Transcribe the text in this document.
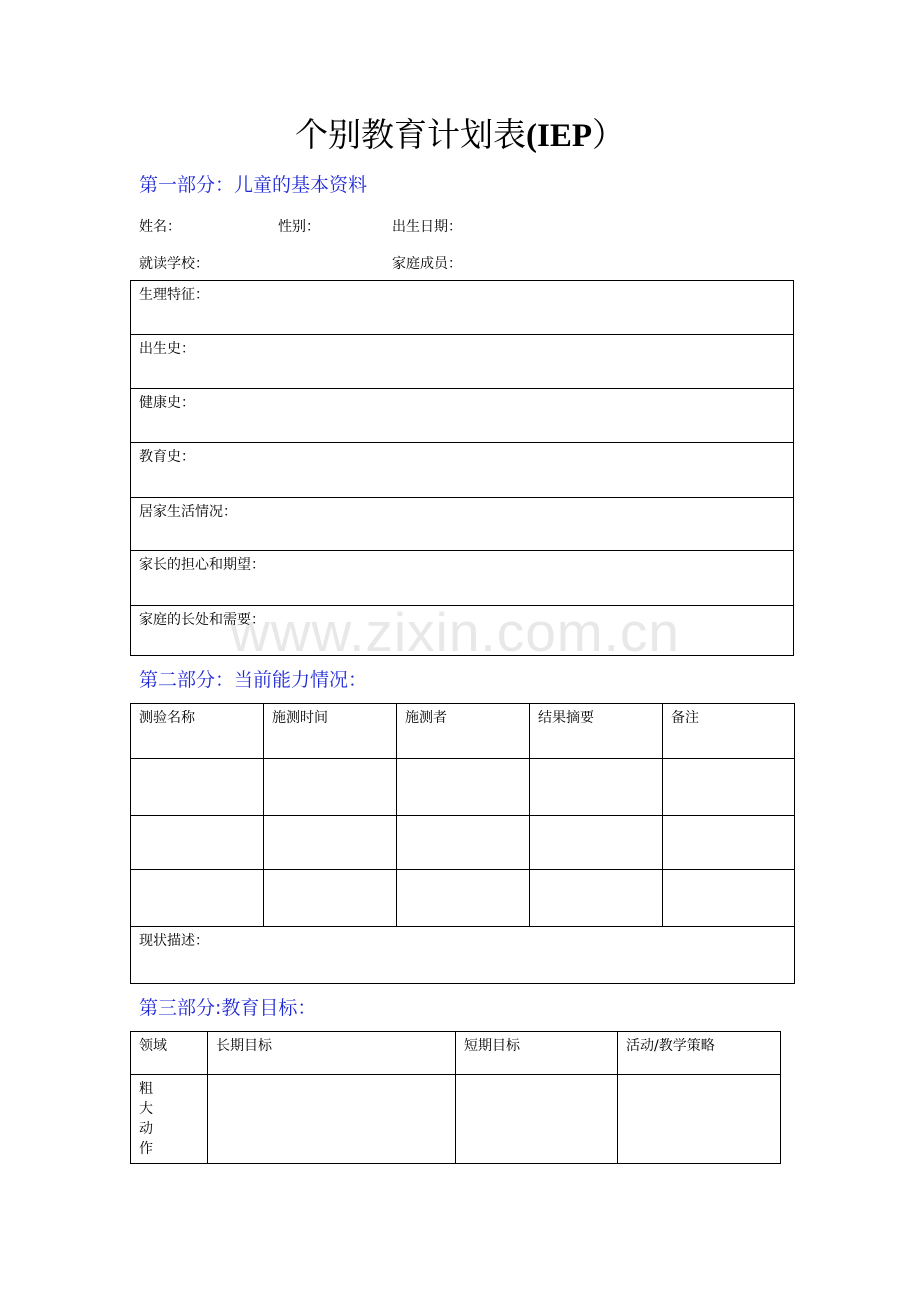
个别教育计划表(IEP）
第一部分：儿童的基本资料
姓名：	性别：	出生日期：
就读学校：	家庭成员：
生理特征：

出生史：

健康史：

教育史：

居家生活情况：

家长的担心和期望：

家庭的长处和需要：
第二部分：当前能力情况：
测验名称	施测时间	施测者	结果摘要	备注

现状描述：				
第三部分:教育目标：
领域	长期目标	短期目标	活动/教学策略

粗 大 动 作			

www.zixin.com.cn
